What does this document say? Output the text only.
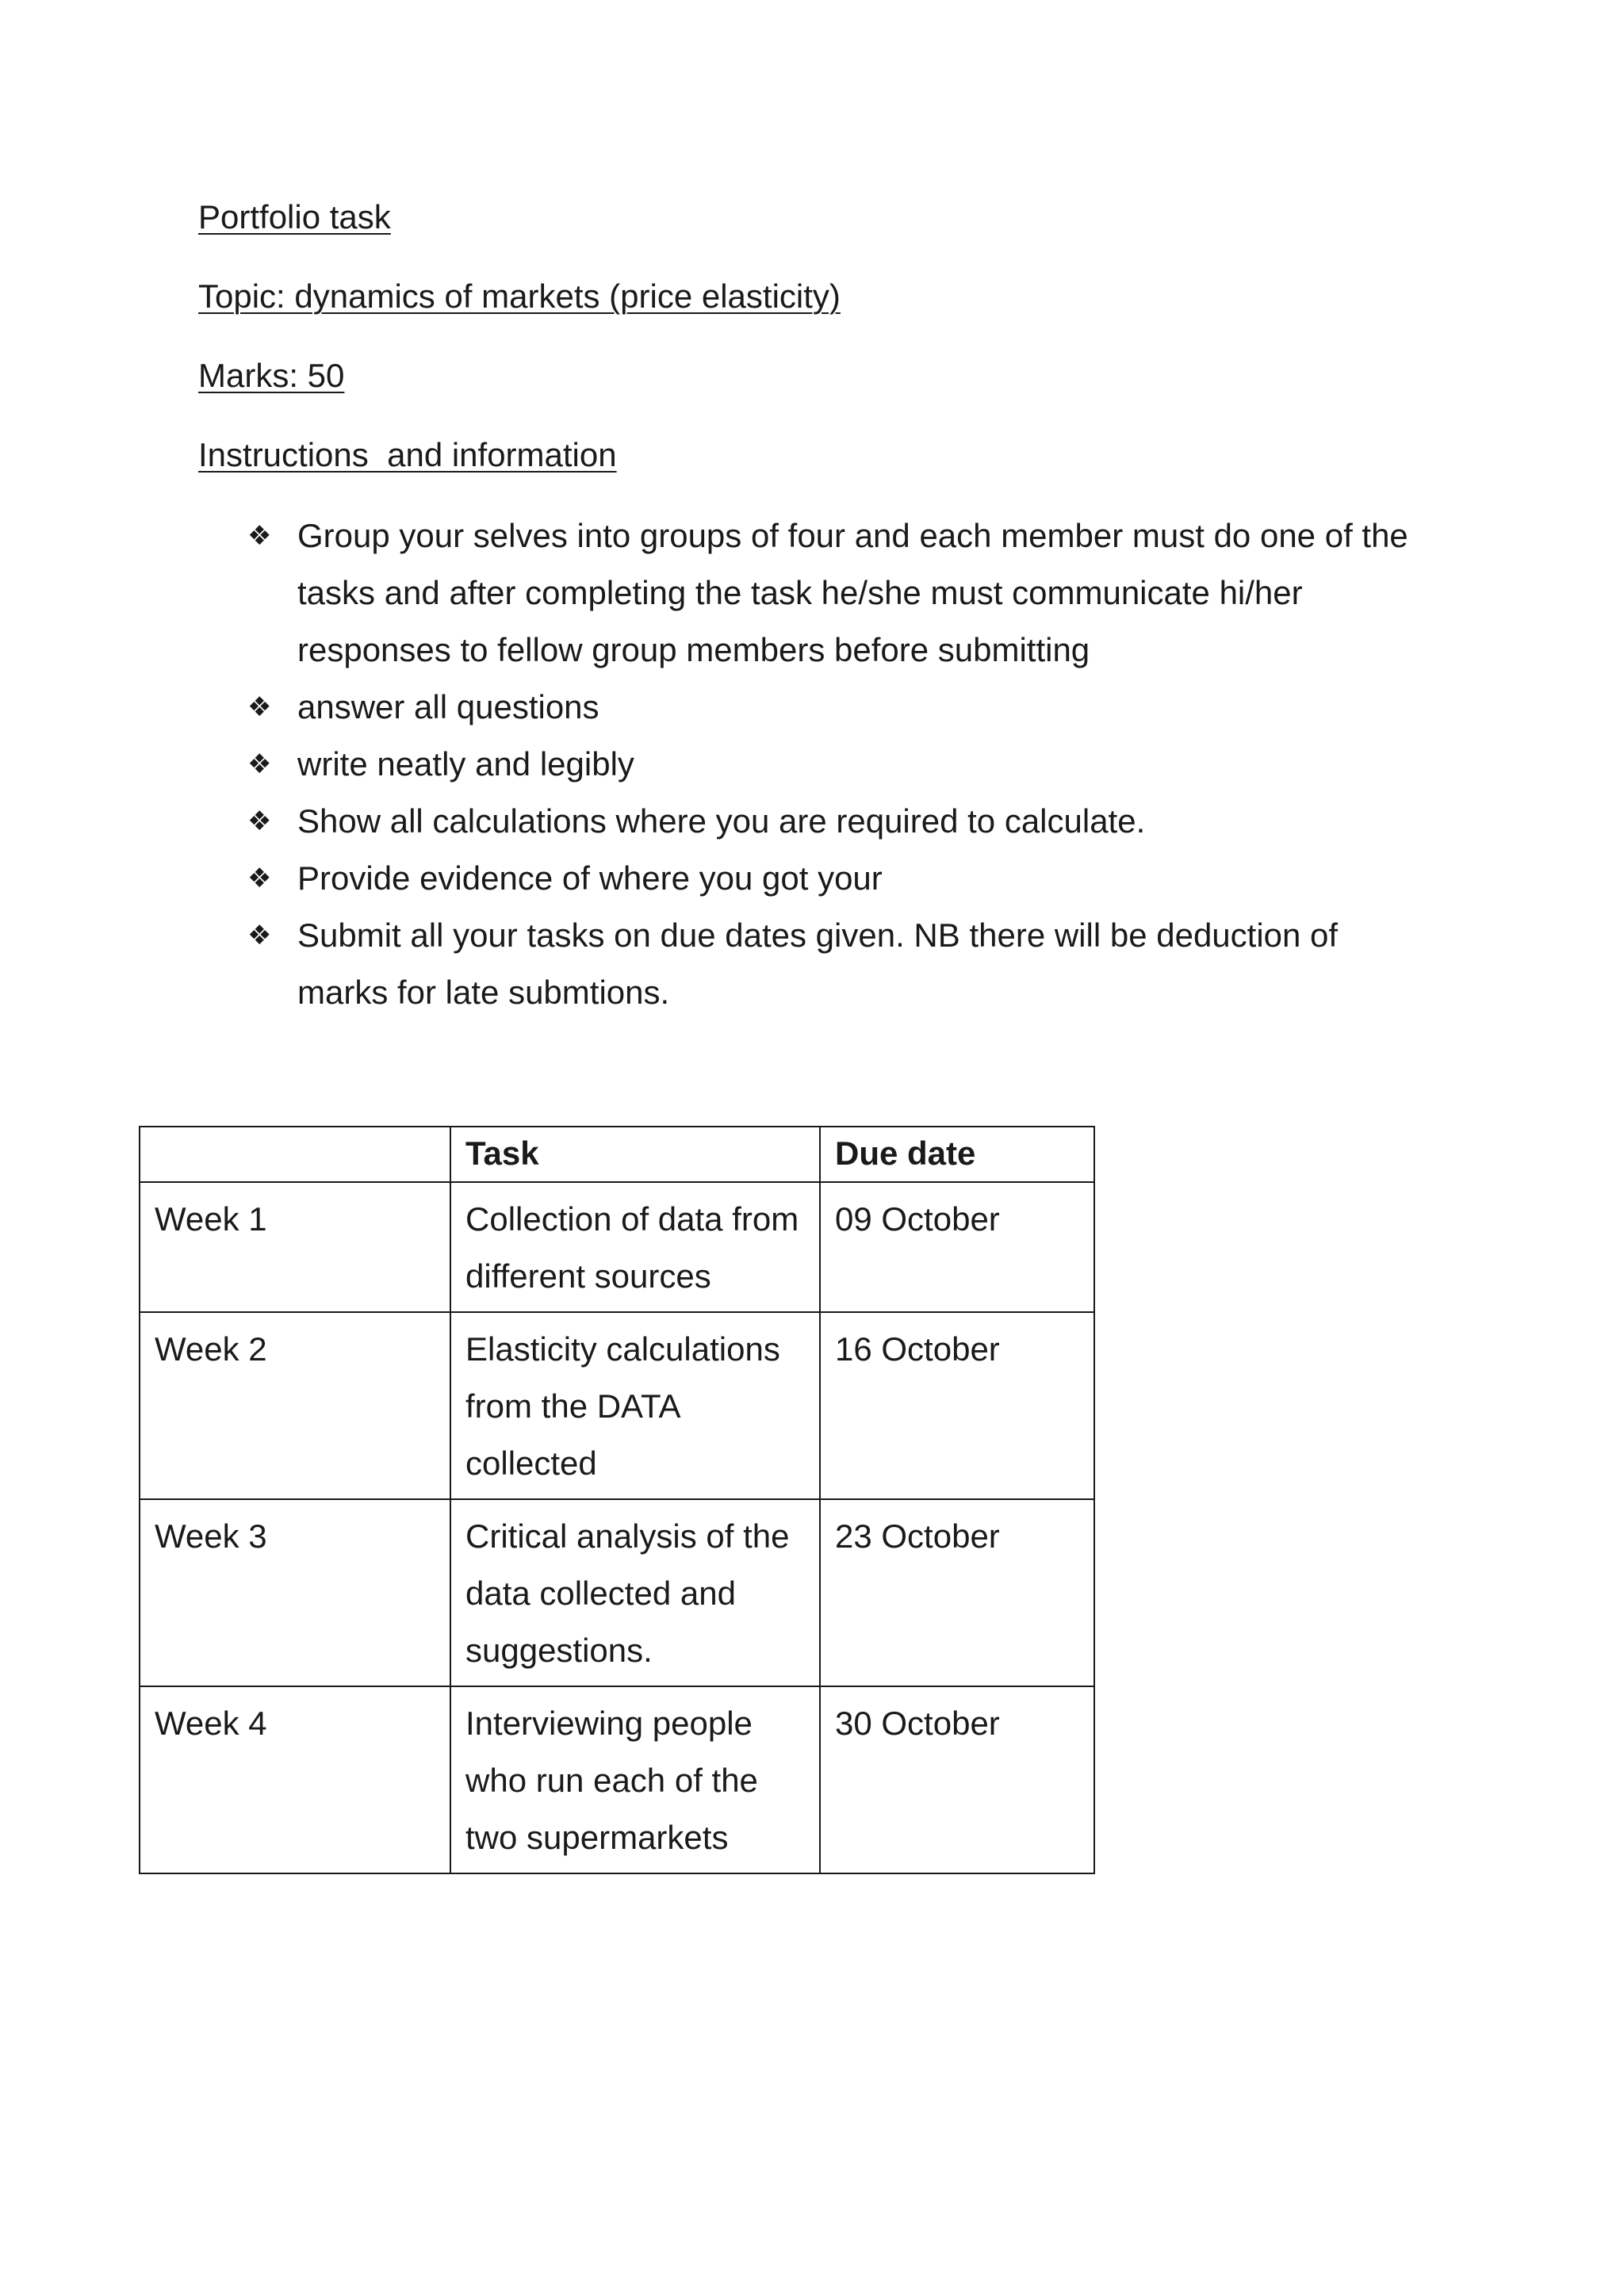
Portfolio task

Topic: dynamics of markets (price elasticity)

Marks: 50

Instructions  and information

❖ Group your selves into groups of four and each member must do one of the tasks and after completing the task he/she must communicate hi/her responses to fellow group members before submitting
❖ answer all questions
❖ write neatly and legibly
❖ Show all calculations where you are required to calculate.
❖ Provide evidence of where you got your
❖ Submit all your tasks on due dates given. NB there will be deduction of marks for late submtions.
	Task	Due date
Week 1	Collection of data from different sources	09 October
Week 2	Elasticity calculations from the DATA collected	16 October
Week 3	Critical analysis of the data collected and suggestions.	23 October
Week 4	Interviewing people who run each of the two supermarkets	30 October
